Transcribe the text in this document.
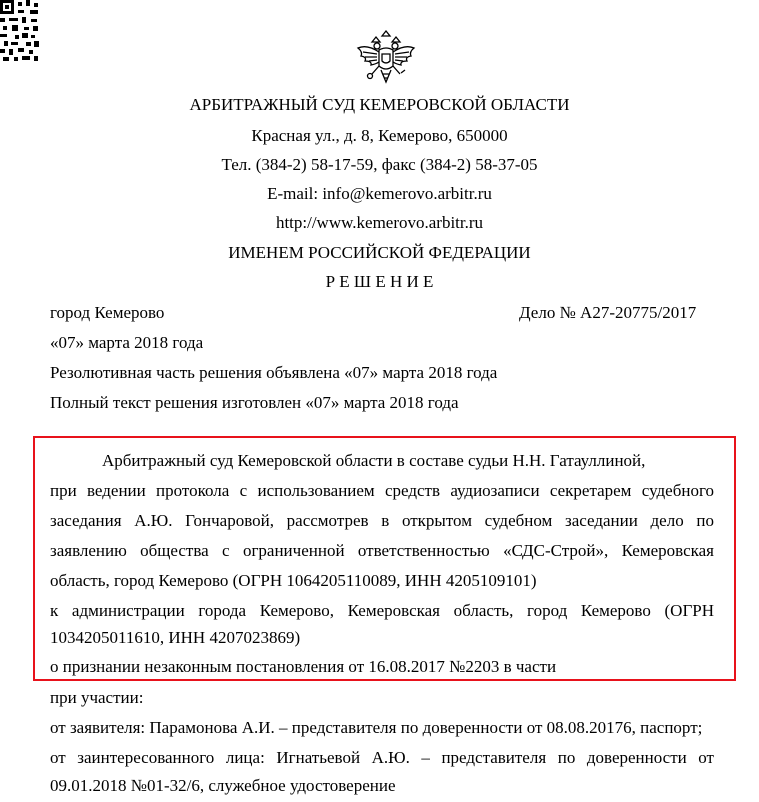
АРБИТРАЖНЫЙ СУД КЕМЕРОВСКОЙ ОБЛАСТИ
Красная ул., д. 8, Кемерово, 650000
Тел. (384-2) 58-17-59, факс (384-2) 58-37-05
E-mail: info@kemerovo.arbitr.ru
http://www.kemerovo.arbitr.ru
ИМЕНЕМ РОССИЙСКОЙ ФЕДЕРАЦИИ
Р Е Ш Е Н И Е
город Кемерово	Дело № А27-20775/2017
«07» марта 2018 года
Резолютивная часть решения объявлена «07» марта 2018 года
Полный текст решения изготовлен «07» марта 2018 года
Арбитражный суд Кемеровской области в составе судьи Н.Н. Гатауллиной,
при ведении протокола с использованием средств аудиозаписи секретарем судебного
заседания А.Ю. Гончаровой, рассмотрев в открытом судебном заседании дело по
заявлению общества с ограниченной ответственностью «СДС-Строй», Кемеровская
область, город Кемерово (ОГРН 1064205110089, ИНН 4205109101)
к администрации города Кемерово, Кемеровская область, город Кемерово (ОГРН
1034205011610, ИНН 4207023869)
о признании незаконным постановления от 16.08.2017 №2203 в части
при участии:
от заявителя: Парамонова А.И. – представителя по доверенности от 08.08.20176, паспорт;
от заинтересованного лица: Игнатьевой А.Ю. – представителя по доверенности от
09.01.2018 №01-32/6, служебное удостоверение
